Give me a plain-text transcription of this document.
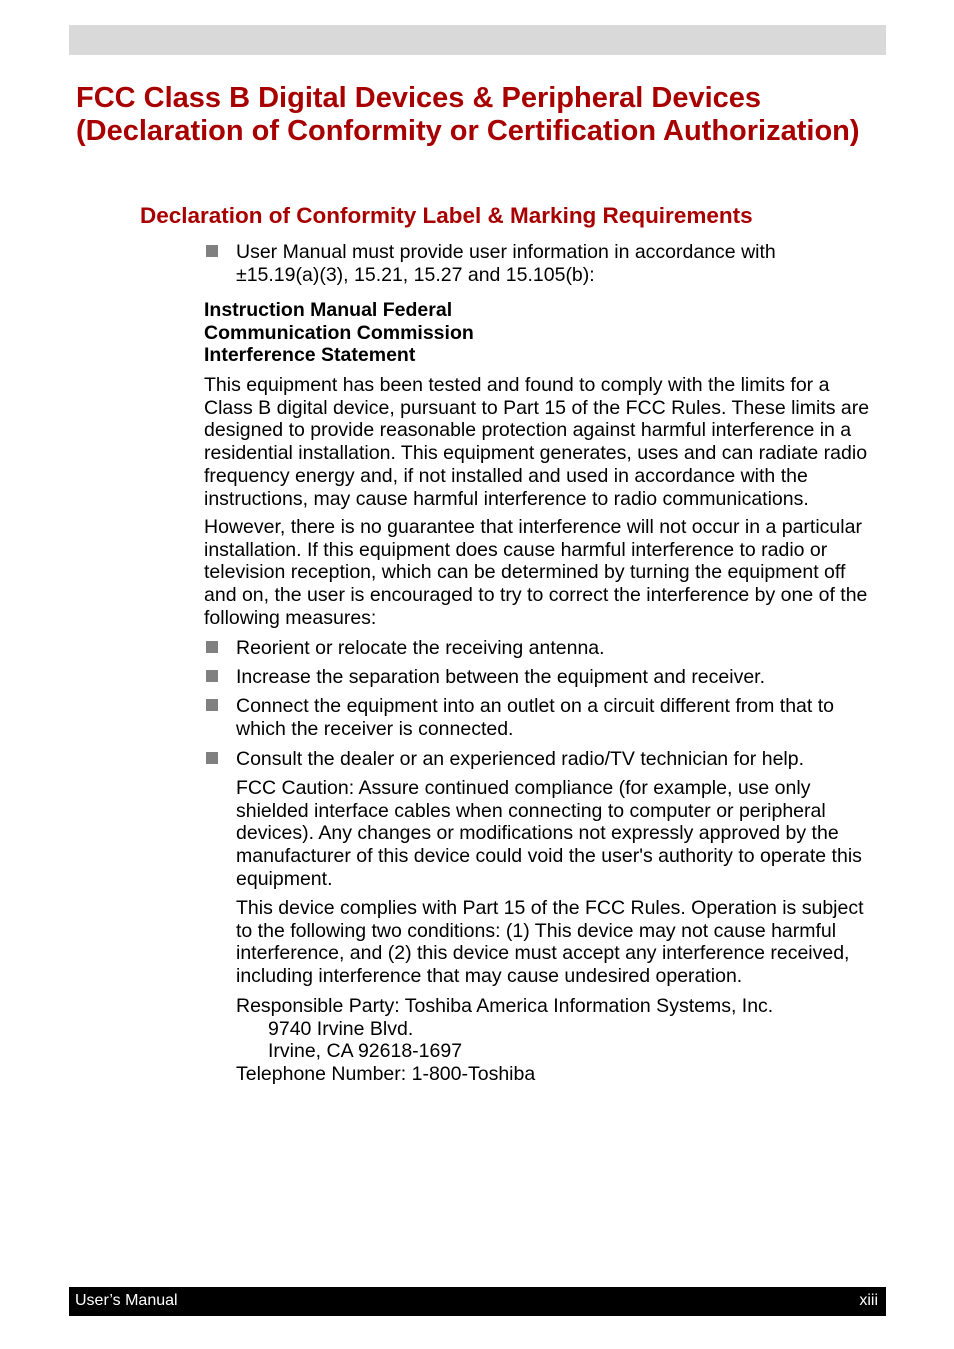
FCC Class B Digital Devices & Peripheral Devices (Declaration of Conformity or Certification Authorization)
Declaration of Conformity Label & Marking Requirements

User Manual must provide user information in accordance with ±15.19(a)(3), 15.21, 15.27 and 15.105(b):

Instruction Manual Federal
Communication Commission
Interference Statement

This equipment has been tested and found to comply with the limits for a Class B digital device, pursuant to Part 15 of the FCC Rules. These limits are designed to provide reasonable protection against harmful interference in a residential installation. This equipment generates, uses and can radiate radio frequency energy and, if not installed and used in accordance with the instructions, may cause harmful interference to radio communications.

However, there is no guarantee that interference will not occur in a particular installation. If this equipment does cause harmful interference to radio or television reception, which can be determined by turning the equipment off and on, the user is encouraged to try to correct the interference by one of the following measures:

Reorient or relocate the receiving antenna.

Increase the separation between the equipment and receiver.

Connect the equipment into an outlet on a circuit different from that to which the receiver is connected.

Consult the dealer or an experienced radio/TV technician for help.

FCC Caution: Assure continued compliance (for example, use only shielded interface cables when connecting to computer or peripheral devices). Any changes or modifications not expressly approved by the manufacturer of this device could void the user's authority to operate this equipment.

This device complies with Part 15 of the FCC Rules. Operation is subject to the following two conditions: (1) This device may not cause harmful interference, and (2) this device must accept any interference received, including interference that may cause undesired operation.

Responsible Party: Toshiba America Information Systems, Inc.
9740 Irvine Blvd.
Irvine, CA 92618-1697
Telephone Number: 1-800-Toshiba
User’s Manual	xiii
